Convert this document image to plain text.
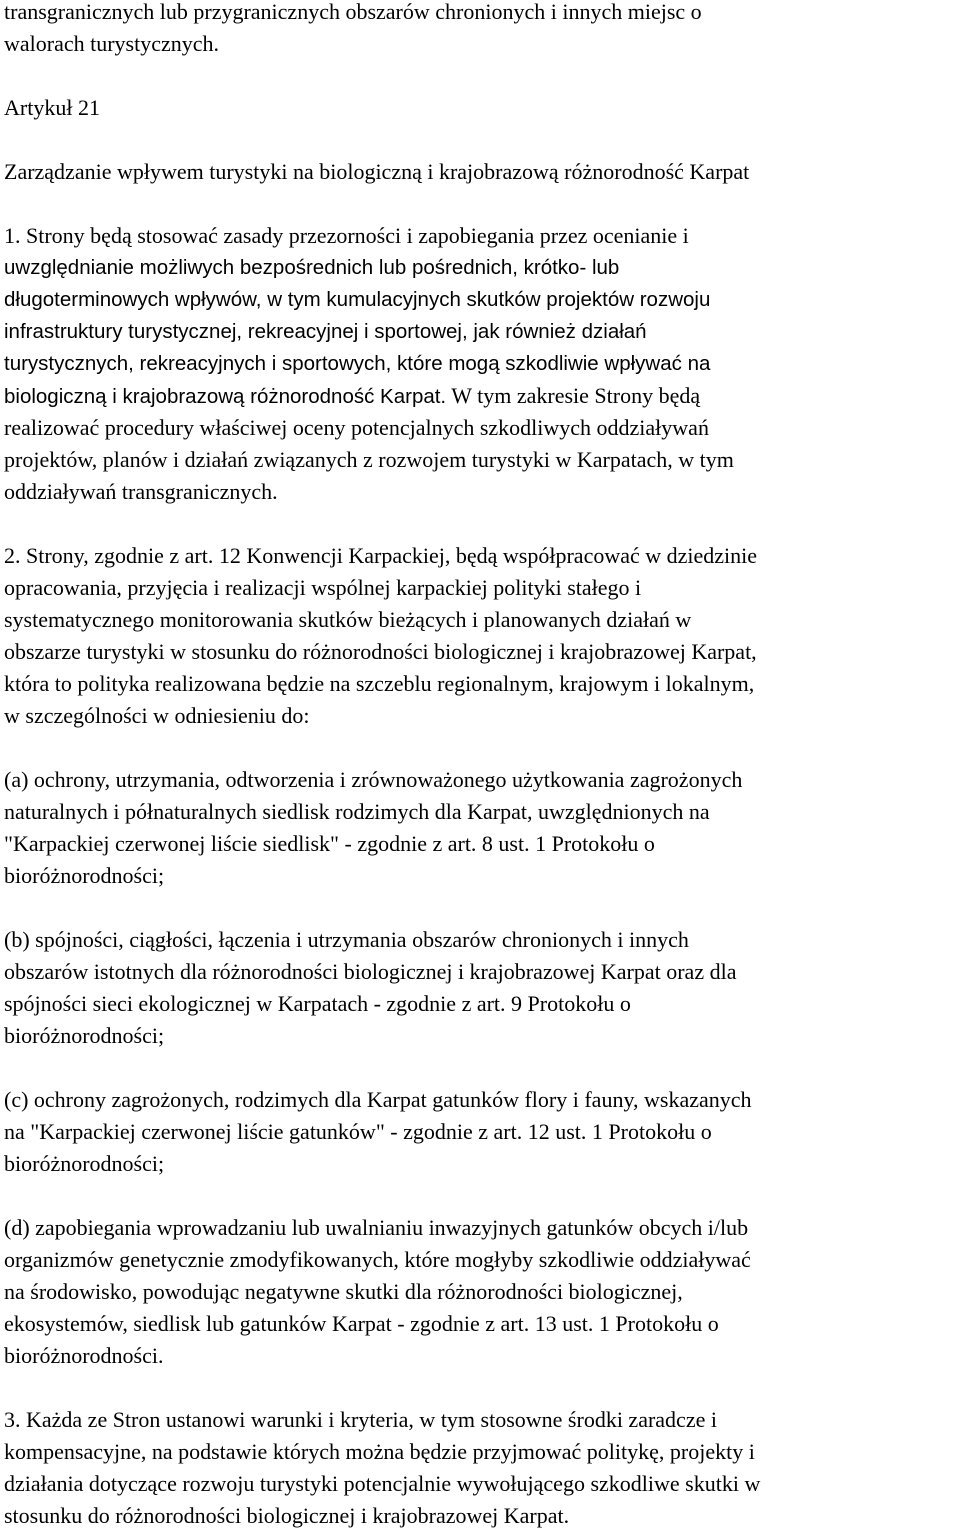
transgranicznych lub przygranicznych obszarów chronionych i innych miejsc o
walorach turystycznych.
Artykuł 21
Zarządzanie wpływem turystyki na biologiczną i krajobrazową różnorodność Karpat
1. Strony będą stosować zasady przezorności i zapobiegania przez ocenianie i
uwzględnianie możliwych bezpośrednich lub pośrednich, krótko- lub
długoterminowych wpływów, w tym kumulacyjnych skutków projektów rozwoju
infrastruktury turystycznej, rekreacyjnej i sportowej, jak również działań
turystycznych, rekreacyjnych i sportowych, które mogą szkodliwie wpływać na
biologiczną i krajobrazową różnorodność Karpat. W tym zakresie Strony będą
realizować procedury właściwej oceny potencjalnych szkodliwych oddziaływań
projektów, planów i działań związanych z rozwojem turystyki w Karpatach, w tym
oddziaływań transgranicznych.
2. Strony, zgodnie z art. 12 Konwencji Karpackiej, będą współpracować w dziedzinie
opracowania, przyjęcia i realizacji wspólnej karpackiej polityki stałego i
systematycznego monitorowania skutków bieżących i planowanych działań w
obszarze turystyki w stosunku do różnorodności biologicznej i krajobrazowej Karpat,
która to polityka realizowana będzie na szczeblu regionalnym, krajowym i lokalnym,
w szczególności w odniesieniu do:
(a) ochrony, utrzymania, odtworzenia i zrównoważonego użytkowania zagrożonych
naturalnych i półnaturalnych siedlisk rodzimych dla Karpat, uwzględnionych na
"Karpackiej czerwonej liście siedlisk" - zgodnie z art. 8 ust. 1 Protokołu o
bioróżnorodności;
(b) spójności, ciągłości, łączenia i utrzymania obszarów chronionych i innych
obszarów istotnych dla różnorodności biologicznej i krajobrazowej Karpat oraz dla
spójności sieci ekologicznej w Karpatach - zgodnie z art. 9 Protokołu o
bioróżnorodności;
(c) ochrony zagrożonych, rodzimych dla Karpat gatunków flory i fauny, wskazanych
na "Karpackiej czerwonej liście gatunków" - zgodnie z art. 12 ust. 1 Protokołu o
bioróżnorodności;
(d) zapobiegania wprowadzaniu lub uwalnianiu inwazyjnych gatunków obcych i/lub
organizmów genetycznie zmodyfikowanych, które mogłyby szkodliwie oddziaływać
na środowisko, powodując negatywne skutki dla różnorodności biologicznej,
ekosystemów, siedlisk lub gatunków Karpat - zgodnie z art. 13 ust. 1 Protokołu o
bioróżnorodności.
3. Każda ze Stron ustanowi warunki i kryteria, w tym stosowne środki zaradcze i
kompensacyjne, na podstawie których można będzie przyjmować politykę, projekty i
działania dotyczące rozwoju turystyki potencjalnie wywołującego szkodliwe skutki w
stosunku do różnorodności biologicznej i krajobrazowej Karpat.
